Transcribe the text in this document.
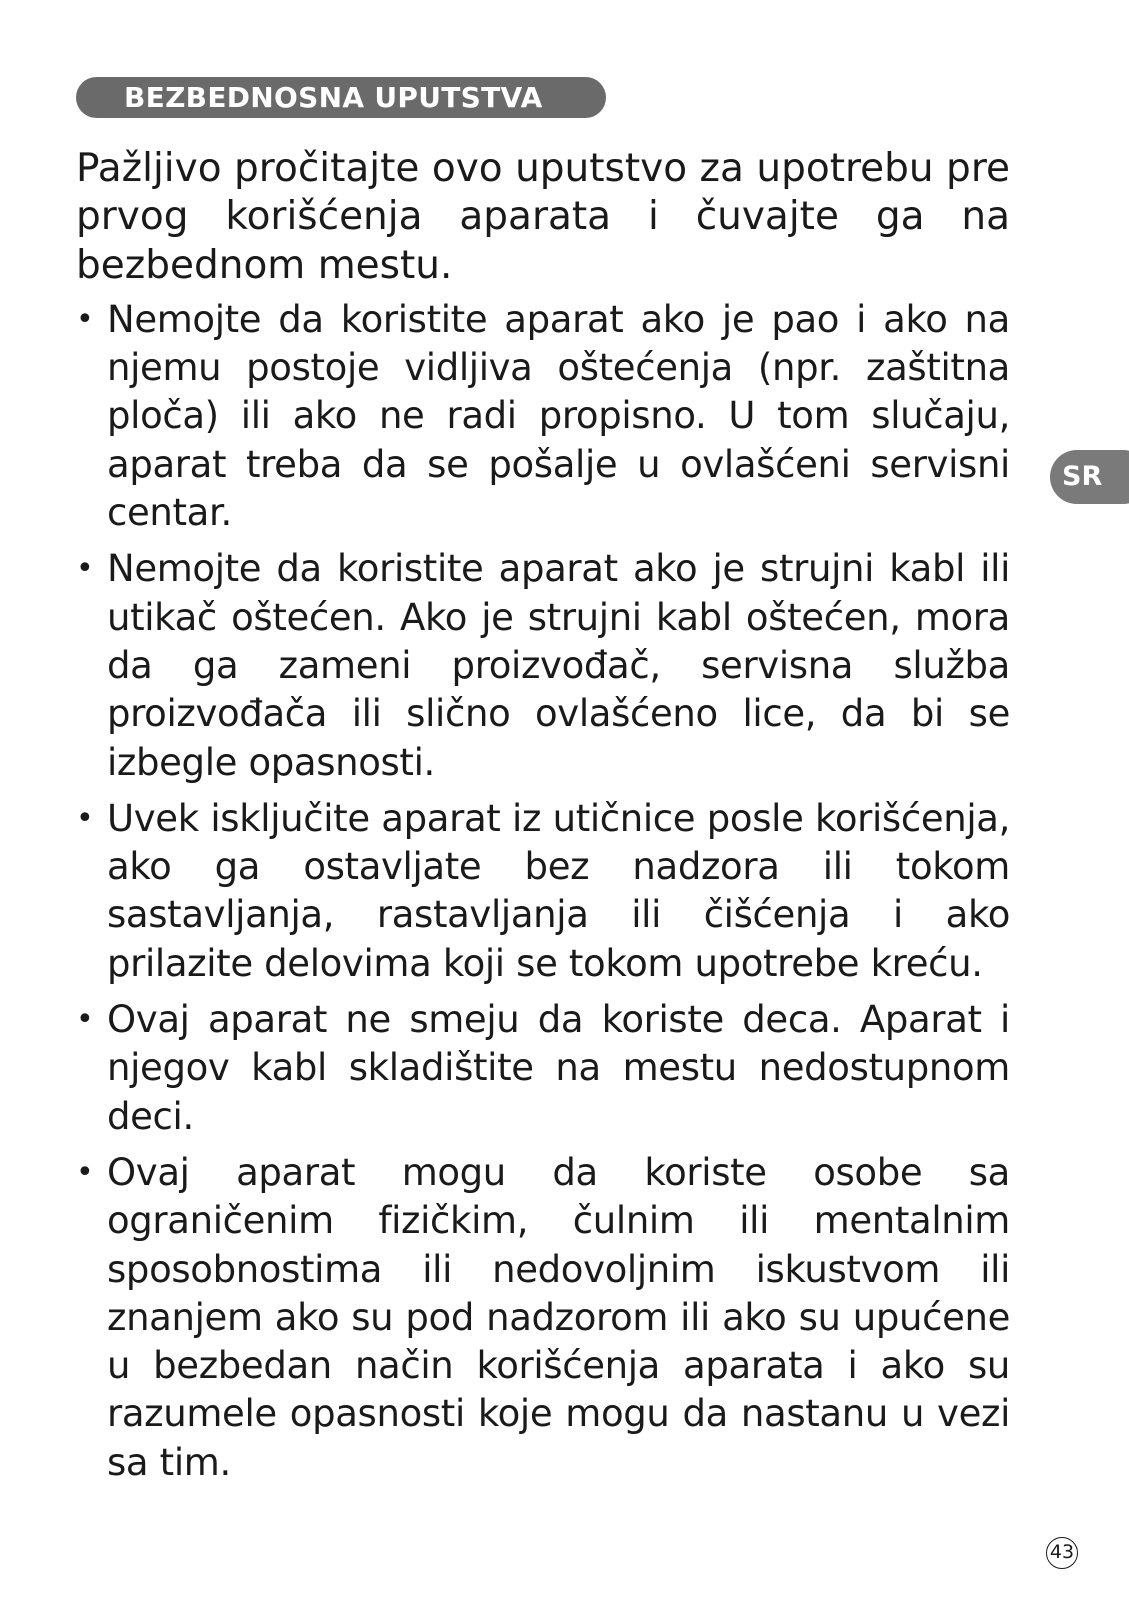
BEZBEDNOSNA UPUTSTVA

Pažljivo pročitajte ovo uputstvo za upotrebu pre prvog korišćenja aparata i čuvajte ga na bezbednom mestu.

• Nemojte da koristite aparat ako je pao i ako na njemu postoje vidljiva oštećenja (npr. zaštitna ploča) ili ako ne radi propisno. U tom slučaju, aparat treba da se pošalje u ovlašćeni servisni centar.
• Nemojte da koristite aparat ako je strujni kabl ili utikač oštećen. Ako je strujni kabl oštećen, mora da ga zameni proizvođač, servisna služba proizvođača ili slično ovlašćeno lice, da bi se izbegle opasnosti.
• Uvek isključite aparat iz utičnice posle korišćenja, ako ga ostavljate bez nadzora ili tokom sastavljanja, rastavljanja ili čišćenja i ako prilazite delovima koji se tokom upotrebe kreću.
• Ovaj aparat ne smeju da koriste deca. Aparat i njegov kabl skladištite na mestu nedostupnom deci.
• Ovaj aparat mogu da koriste osobe sa ograničenim fizičkim, čulnim ili mentalnim sposobnostima ili nedovoljnim iskustvom ili znanjem ako su pod nadzorom ili ako su upućene u bezbedan način korišćenja aparata i ako su razumele opasnosti koje mogu da nastanu u vezi sa tim.
SR
43
